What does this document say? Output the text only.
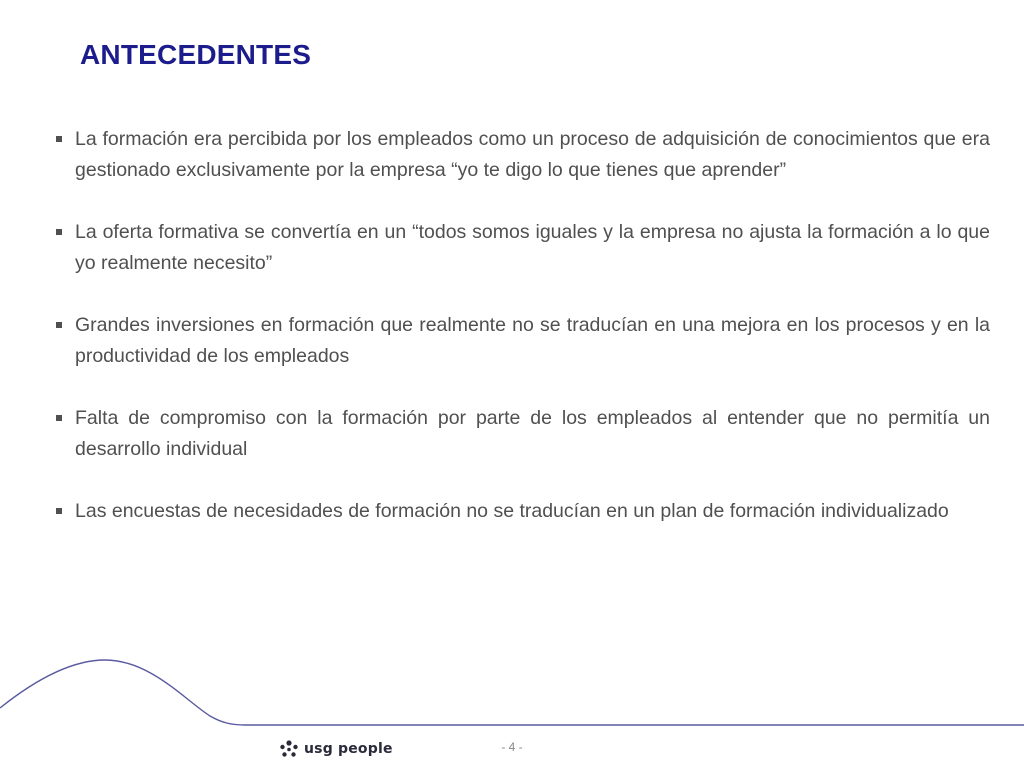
ANTECEDENTES
La formación era percibida por los empleados como un proceso de adquisición de conocimientos que era gestionado exclusivamente por la empresa “yo te digo lo que tienes que aprender”
La oferta formativa se convertía en un “todos somos iguales y la empresa no ajusta la formación a lo que yo realmente necesito”
Grandes inversiones en formación que realmente no se traducían en una mejora en los procesos y en la productividad de los empleados
Falta de compromiso con la formación por parte de los empleados al entender que no permitía un desarrollo individual
Las encuestas de necesidades de formación no se traducían en un plan de formación individualizado
usg people	- 4 -
